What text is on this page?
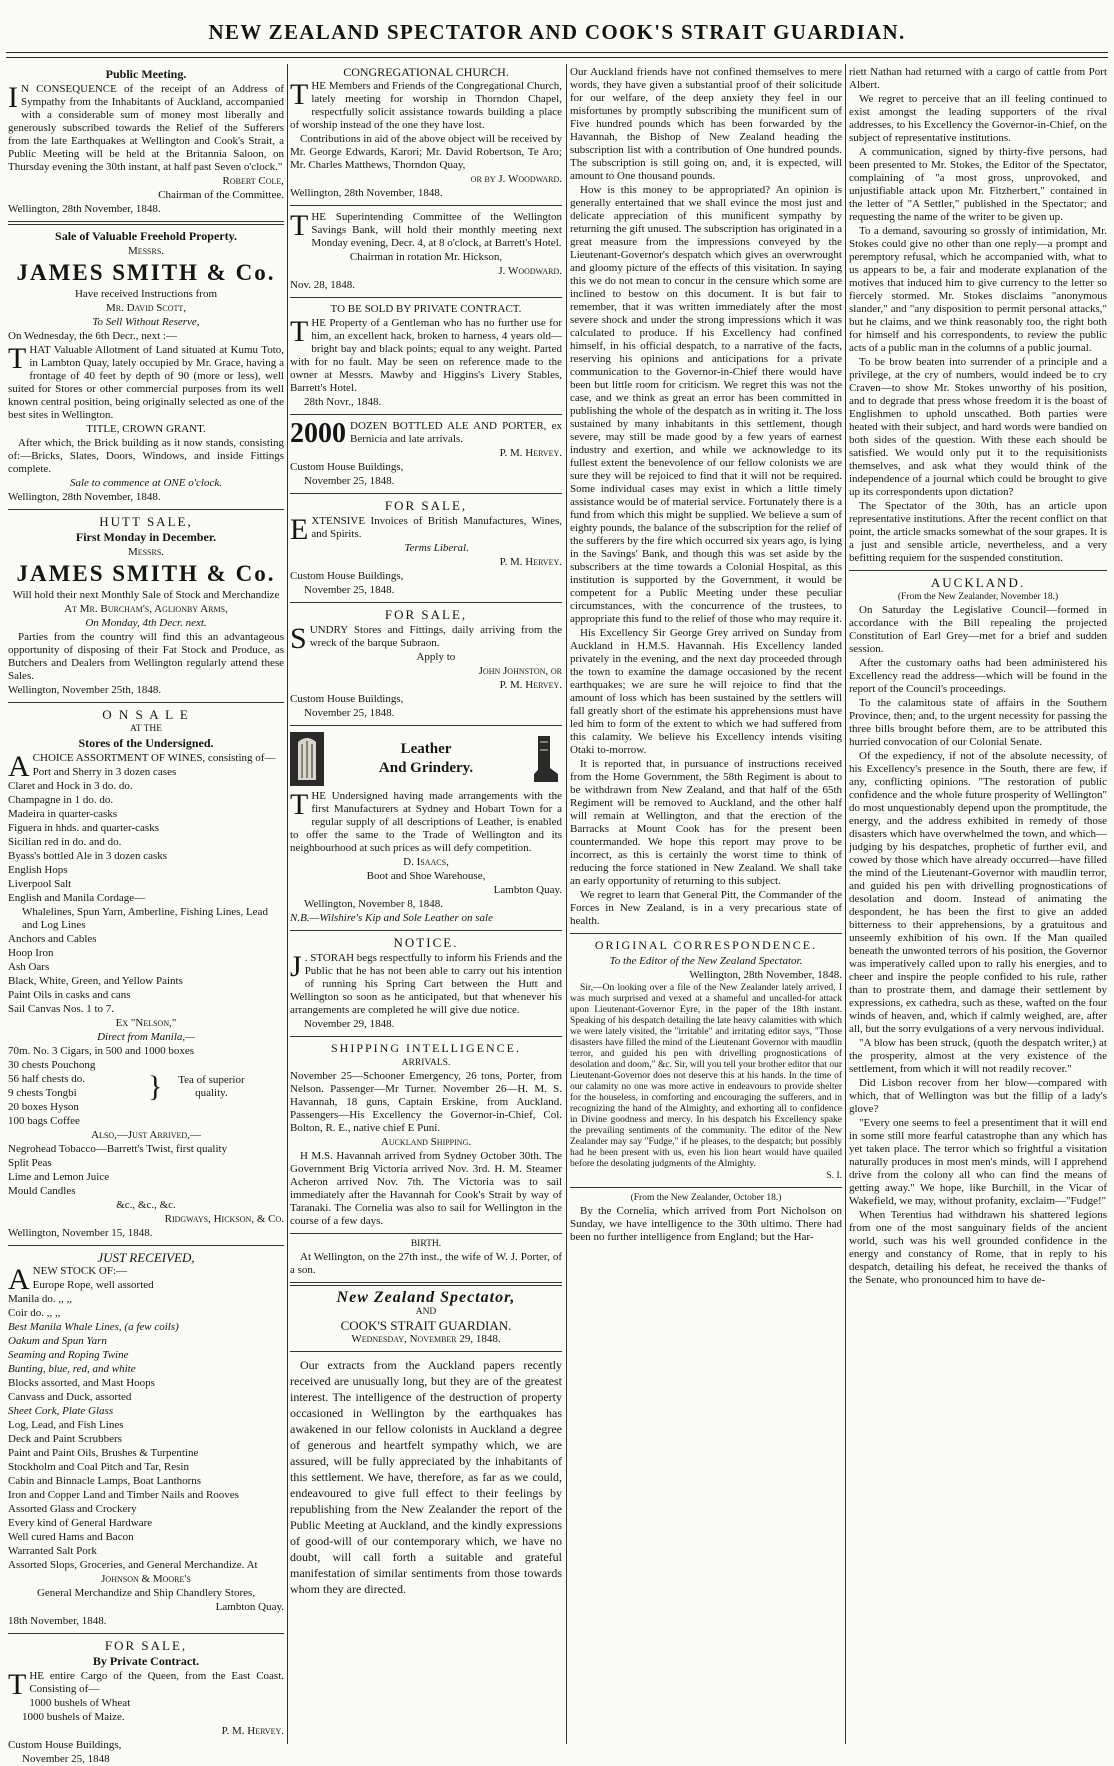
NEW ZEALAND SPECTATOR AND COOK'S STRAIT GUARDIAN.

Public Meeting.

I N CONSEQUENCE of the receipt of an Address of Sympathy from the Inhabitants of Auckland, accompanied with a considerable sum of money most liberally and generously subscribed towards the Relief of the Sufferers from the late Earthquakes at Wellington and Cook's Strait, a Public Meeting will be held at the Britannia Saloon, on Thursday evening the 30th instant, at half past Seven o'clock."

Robert Cole,

Chairman of the Committee.

Wellington, 28th November, 1848.

Sale of Valuable Freehold Property.

Messrs.

JAMES SMITH & Co.

Have received Instructions from

Mr. David Scott,

To Sell Without Reserve,

On Wednesday, the 6th Decr., next :—

THAT Valuable Allotment of Land situated at Kumu Toto, in Lambton Quay, lately occupied by Mr. Grace, having a frontage of 40 feet by depth of 90 (more or less), well suited for Stores or other commercial purposes from its well known central position, being originally selected as one of the best sites in Wellington.

TITLE, CROWN GRANT.

After which, the Brick building as it now stands, consisting of:—Bricks, Slates, Doors, Windows, and inside Fittings complete.

Sale to commence at ONE o'clock.

Wellington, 28th November, 1848.

HUTT SALE,

First Monday in December.

Messrs.

JAMES SMITH & Co.

Will hold their next Monthly Sale of Stock and Merchandize

At Mr. Burcham's, Aglionby Arms,

On Monday, 4th Decr. next.

Parties from the country will find this an advantageous opportunity of disposing of their Fat Stock and Produce, as Butchers and Dealers from Wellington regularly attend these Sales.

Wellington, November 25th, 1848.

O N S A L E

AT THE

Stores of the Undersigned.

ACHOICE ASSORTMENT OF WINES, consisting of—

Port and Sherry in 3 dozen cases

Claret and Hock in 3 do. do.

Champagne in 1 do. do.

Madeira in quarter-casks

Figuera in hhds. and quarter-casks

Sicilian red in do. and do.

Byass's bottled Ale in 3 dozen casks

English Hops

Liverpool Salt

English and Manila Cordage—

Whalelines, Spun Yarn, Amberline, Fishing Lines, Lead and Log Lines

Anchors and Cables

Hoop Iron

Ash Oars

Black, White, Green, and Yellow Paints

Paint Oils in casks and cans

Sail Canvas Nos. 1 to 7.

Ex "Nelson,"

Direct from Manila,—

70m. No. 3 Cigars, in 500 and 1000 boxes

30 chests Pouchong

56 half chests do.

9 chests Tongbi

20 boxes Hyson

}	Tea of superior quality.

100 bags Coffee

Also,—Just Arrived,—

Negrohead Tobacco—Barrett's Twist, first quality

Split Peas

Lime and Lemon Juice

Mould Candles

&c., &c., &c.

Ridgways, Hickson, & Co.

Wellington, November 15, 1848.

JUST RECEIVED,

ANEW STOCK OF:—

Europe Rope, well assorted

Manila do. ,, ,,

Coir do. ,, ,,

Best Manila Whale Lines, (a few coils)

Oakum and Spun Yarn

Seaming and Roping Twine

Bunting, blue, red, and white

Blocks assorted, and Mast Hoops

Canvass and Duck, assorted

Sheet Cork, Plate Glass

Log, Lead, and Fish Lines

Deck and Paint Scrubbers

Paint and Paint Oils, Brushes & Turpentine

Stockholm and Coal Pitch and Tar, Resin

Cabin and Binnacle Lamps, Boat Lanthorns

Iron and Copper Land and Timber Nails and Rooves

Assorted Glass and Crockery

Every kind of General Hardware

Well cured Hams and Bacon

Warranted Salt Pork

Assorted Slops, Groceries, and General Merchandize. At

Johnson & Moore's

General Merchandize and Ship Chandlery Stores,

Lambton Quay.

18th November, 1848.

FOR SALE,

By Private Contract.

THE entire Cargo of the Queen, from the East Coast. Consisting of—

1000 bushels of Wheat

1000 bushels of Maize.

P. M. Hervey.

Custom House Buildings,

November 25, 1848

CONGREGATIONAL CHURCH.

THE Members and Friends of the Congregational Church, lately meeting for worship in Thorndon Chapel, respectfully solicit assistance towards building a place of worship instead of the one they have lost.

Contributions in aid of the above object will be received by Mr. George Edwards, Karori; Mr. David Robertson, Te Aro; Mr. Charles Matthews, Thorndon Quay,

or by J. Woodward.

Wellington, 28th November, 1848.

THE Superintending Committee of the Wellington Savings Bank, will hold their monthly meeting next Monday evening, Decr. 4, at 8 o'clock, at Barrett's Hotel.

Chairman in rotation Mr. Hickson,

J. Woodward.

Nov. 28, 1848.

TO BE SOLD BY PRIVATE CONTRACT.

THE Property of a Gentleman who has no further use for him, an excellent hack, broken to harness, 4 years old—bright bay and black points; equal to any weight. Parted with for no fault. May be seen on reference made to the owner at Messrs. Mawby and Higgins's Livery Stables, Barrett's Hotel.

28th Novr., 1848.

2000 DOZEN BOTTLED ALE AND PORTER, ex Bernicia and late arrivals.

P. M. Hervey.

Custom House Buildings,

November 25, 1848.

FOR SALE,

EXTENSIVE Invoices of British Manufactures, Wines, and Spirits.

Terms Liberal.

P. M. Hervey.

Custom House Buildings,

November 25, 1848.

FOR SALE,

SUNDRY Stores and Fittings, daily arriving from the wreck of the barque Subraon.

Apply to

John Johnston, or

P. M. Hervey.

Custom House Buildings,

November 25, 1848.

Leather
And Grindery.

THE Undersigned having made arrangements with the first Manufacturers at Sydney and Hobart Town for a regular supply of all descriptions of Leather, is enabled to offer the same to the Trade of Wellington and its neighbourhood at such prices as will defy competition.

D. Isaacs,

Boot and Shoe Warehouse,

Lambton Quay.

Wellington, November 8, 1848.

N.B.—Wilshire's Kip and Sole Leather on sale

NOTICE.

J . STORAH begs respectfully to inform his Friends and the Public that he has not been able to carry out his intention of running his Spring Cart between the Hutt and Wellington so soon as he anticipated, but that whenever his arrangements are completed he will give due notice.

November 29, 1848.

SHIPPING INTELLIGENCE.

ARRIVALS.

November 25—Schooner Emergency, 26 tons, Porter, from Nelson. Passenger—Mr Turner. November 26—H. M. S. Havannah, 18 guns, Captain Erskine, from Auckland. Passengers—His Excellency the Governor-in-Chief, Col. Bolton, R. E., native chief E Puni.

Auckland Shipping.

H M.S. Havannah arrived from Sydney October 30th. The Government Brig Victoria arrived Nov. 3rd. H. M. Steamer Acheron arrived Nov. 7th. The Victoria was to sail immediately after the Havannah for Cook's Strait by way of Taranaki. The Cornelia was also to sail for Wellington in the course of a few days.

BIRTH.

At Wellington, on the 27th inst., the wife of W. J. Porter, of a son.

New Zealand Spectator,

AND

COOK'S STRAIT GUARDIAN.

Wednesday, November 29, 1848.

Our extracts from the Auckland papers recently received are unusually long, but they are of the greatest interest. The intelligence of the destruction of property occasioned in Wellington by the earthquakes has awakened in our fellow colonists in Auckland a degree of generous and heartfelt sympathy which, we are assured, will be fully appreciated by the inhabitants of this settlement. We have, therefore, as far as we could, endeavoured to give full effect to their feelings by republishing from the New Zealander the report of the Public Meeting at Auckland, and the kindly expressions of good-will of our contemporary which, we have no doubt, will call forth a suitable and grateful manifestation of similar sentiments from those towards whom they are directed.

Our Auckland friends have not confined themselves to mere words, they have given a substantial proof of their solicitude for our welfare, of the deep anxiety they feel in our misfortunes by promptly subscribing the munificent sum of Five hundred pounds which has been forwarded by the Havannah, the Bishop of New Zealand heading the subscription list with a contribution of One hundred pounds. The subscription is still going on, and, it is expected, will amount to One thousand pounds.

How is this money to be appropriated? An opinion is generally entertained that we shall evince the most just and delicate appreciation of this munificent sympathy by returning the gift unused. The subscription has originated in a great measure from the impressions conveyed by the Lieutenant-Governor's despatch which gives an overwrought and gloomy picture of the effects of this visitation. In saying this we do not mean to concur in the censure which some are inclined to bestow on this document. It is but fair to remember, that it was written immediately after the most severe shock and under the strong impressions which it was calculated to produce. If his Excellency had confined himself, in his official despatch, to a narrative of the facts, reserving his opinions and anticipations for a private communication to the Governor-in-Chief there would have been but little room for criticism. We regret this was not the case, and we think as great an error has been committed in publishing the whole of the despatch as in writing it. The loss sustained by many inhabitants in this settlement, though severe, may still be made good by a few years of earnest industry and exertion, and while we acknowledge to its fullest extent the benevolence of our fellow colonists we are sure they will be rejoiced to find that it will not be required. Some individual cases may exist in which a little timely assistance would be of material service. Fortunately there is a fund from which this might be supplied. We believe a sum of eighty pounds, the balance of the subscription for the relief of the sufferers by the fire which occurred six years ago, is lying in the Savings' Bank, and though this was set aside by the subscribers at the time towards a Colonial Hospital, as this institution is supported by the Government, it would be competent for a Public Meeting under these peculiar circumstances, with the concurrence of the trustees, to appropriate this fund to the relief of those who may require it.

His Excellency Sir George Grey arrived on Sunday from Auckland in H.M.S. Havannah. His Excellency landed privately in the evening, and the next day proceeded through the town to examine the damage occasioned by the recent earthquakes; we are sure he will rejoice to find that the amount of loss which has been sustained by the settlers will fall greatly short of the estimate his apprehensions must have led him to form of the extent to which we had suffered from this calamity. We believe his Excellency intends visiting Otaki to-morrow.

It is reported that, in pursuance of instructions received from the Home Government, the 58th Regiment is about to be withdrawn from New Zealand, and that half of the 65th Regiment will be removed to Auckland, and the other half will remain at Wellington, and that the erection of the Barracks at Mount Cook has for the present been countermanded. We hope this report may prove to be incorrect, as this is certainly the worst time to think of reducing the force stationed in New Zealand. We shall take an early opportunity of returning to this subject.

We regret to learn that General Pitt, the Commander of the Forces in New Zealand, is in a very precarious state of health.

ORIGINAL CORRESPONDENCE.

To the Editor of the New Zealand Spectator.

Wellington, 28th November, 1848.

Sir,—On looking over a file of the New Zealander lately arrived, I was much surprised and vexed at a shameful and uncalled-for attack upon Lieutenant-Governor Eyre, in the paper of the 18th instant. Speaking of his despatch detailing the late heavy calamities with which we were lately visited, the "irritable" and irritating editor says, "Those disasters have filled the mind of the Lieutenant Governor with maudlin terror, and guided his pen with drivelling prognostications of desolation and doom," &c. Sir, will you tell your brother editor that our Lieutenant-Governor does not deserve this at his hands. In the time of our calamity no one was more active in endeavours to provide shelter for the houseless, in comforting and encouraging the sufferers, and in recognizing the hand of the Almighty, and exhorting all to confidence in Divine goodness and mercy. In his despatch his Excellency spake the prevailing sentiments of the community. The editor of the New Zealander may say "Fudge," if he pleases, to the despatch; but possibly had he been present with us, even his lion heart would have quailed before the desolating judgments of the Almighty.

S. I.

(From the New Zealander, October 18.)

By the Cornelia, which arrived from Port Nicholson on Sunday, we have intelligence to the 30th ultimo. There had been no further intelligence from England; but the Har-

riett Nathan had returned with a cargo of cattle from Port Albert.

We regret to perceive that an ill feeling continued to exist amongst the leading supporters of the rival addresses, to his Excellency the Governor-in-Chief, on the subject of representative institutions.

A communication, signed by thirty-five persons, had been presented to Mr. Stokes, the Editor of the Spectator, complaining of "a most gross, unprovoked, and unjustifiable attack upon Mr. Fitzherbert," contained in the letter of "A Settler," published in the Spectator; and requesting the name of the writer to be given up.

To a demand, savouring so grossly of intimidation, Mr. Stokes could give no other than one reply—a prompt and peremptory refusal, which he accompanied with, what to us appears to be, a fair and moderate explanation of the motives that induced him to give currency to the letter so fiercely stormed. Mr. Stokes disclaims "anonymous slander," and "any disposition to permit personal attacks," but he claims, and we think reasonably too, the right both for himself and his correspondents, to review the public acts of a public man in the columns of a public journal.

To be brow beaten into surrender of a principle and a privilege, at the cry of numbers, would indeed be to cry Craven—to show Mr. Stokes unworthy of his position, and to degrade that press whose freedom it is the boast of Englishmen to uphold unscathed. Both parties were heated with their subject, and hard words were bandied on both sides of the question. With these each should be satisfied. We would only put it to the requisitionists themselves, and ask what they would think of the independence of a journal which could be brought to give up its correspondents upon dictation?

The Spectator of the 30th, has an article upon representative institutions. After the recent conflict on that point, the article smacks somewhat of the sour grapes. It is a just and sensible article, nevertheless, and a very befitting requiem for the suspended constitution.

AUCKLAND.

(From the New Zealander, November 18.)

On Saturday the Legislative Council—formed in accordance with the Bill repealing the projected Constitution of Earl Grey—met for a brief and sudden session.

After the customary oaths had been administered his Excellency read the address—which will be found in the report of the Council's proceedings.

To the calamitous state of affairs in the Southern Province, then; and, to the urgent necessity for passing the three bills brought before them, are to be attributed this hurried convocation of our Colonial Senate.

Of the expediency, if not of the absolute necessity, of his Excellency's presence in the South, there are few, if any, conflicting opinions. "The restoration of public confidence and the whole future prosperity of Wellington" do most unquestionably depend upon the promptitude, the energy, and the address exhibited in remedy of those disasters which have overwhelmed the town, and which—judging by his despatches, prophetic of further evil, and cowed by those which have already occurred—have filled the mind of the Lieutenant-Governor with maudlin terror, and guided his pen with drivelling prognostications of desolation and doom. Instead of animating the despondent, he has been the first to give an added bitterness to their apprehensions, by a gratuitous and unseemly exhibition of his own. If the Man quailed beneath the unwonted terrors of his position, the Governor was imperatively called upon to rally his energies, and to cheer and inspire the people confided to his rule, rather than to prostrate them, and damage their settlement by expressions, ex cathedra, such as these, wafted on the four winds of heaven, and, which if calmly weighed, are, after all, but the sorry evulgations of a very nervous individual.

"A blow has been struck, (quoth the despatch writer,) at the prosperity, almost at the very existence of the settlement, from which it will not readily recover."

Did Lisbon recover from her blow—compared with which, that of Wellington was but the fillip of a lady's glove?

"Every one seems to feel a presentiment that it will end in some still more fearful catastrophe than any which has yet taken place. The terror which so frightful a visitation naturally produces in most men's minds, will I apprehend drive from the colony all who can find the means of getting away." We hope, like Burchill, in the Vicar of Wakefield, we may, without profanity, exclaim—"Fudge!"

When Terentius had withdrawn his shattered legions from one of the most sanguinary fields of the ancient world, such was his well grounded confidence in the energy and constancy of Rome, that in reply to his despatch, detailing his defeat, he received the thanks of the Senate, who pronounced him to have de-
